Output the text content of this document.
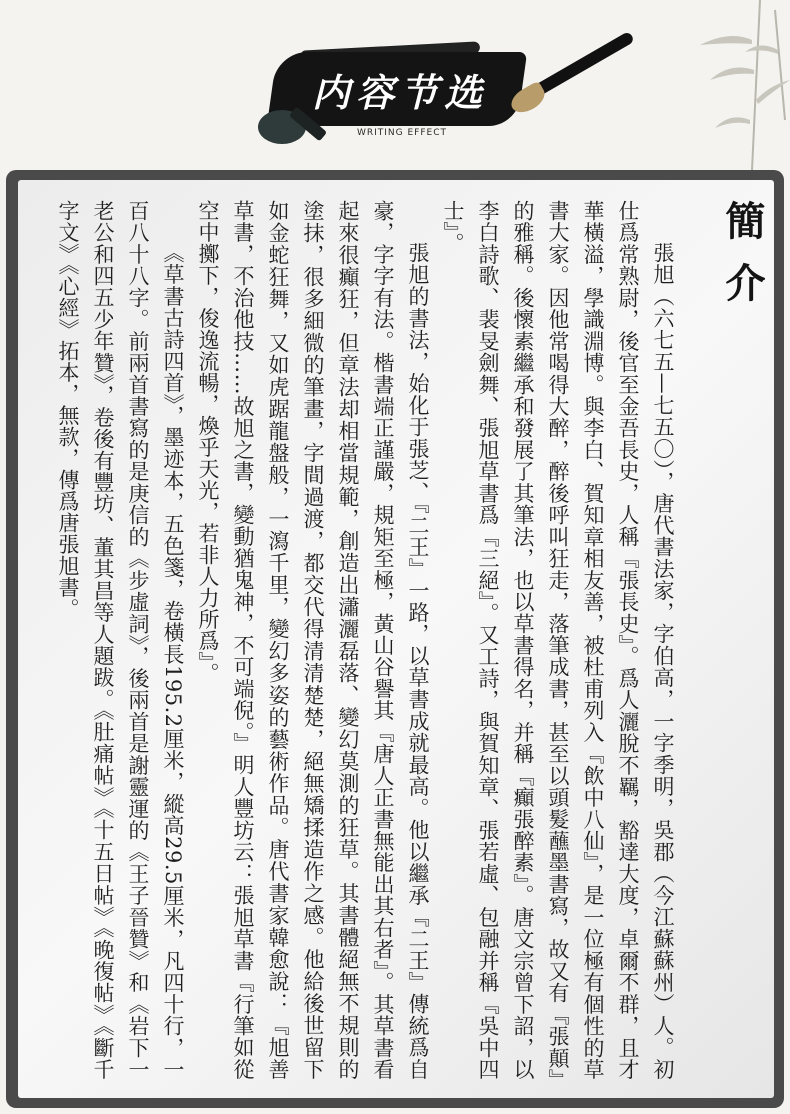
内容节选
WRITING EFFECT
簡介

張旭（六七五—七五〇），唐代書法家，字伯高，一字季明，吳郡（今江蘇蘇州）人。初仕爲常熟尉，後官至金吾長史，人稱『張長史』。爲人灑脫不羈，豁達大度，卓爾不群，且才華橫溢，學識淵博。與李白、賀知章相友善，被杜甫列入『飲中八仙』，是一位極有個性的草書大家。因他常喝得大醉，醉後呼叫狂走，落筆成書，甚至以頭髮蘸墨書寫，故又有『張顛』的雅稱。後懷素繼承和發展了其筆法，也以草書得名，并稱『癲張醉素』。唐文宗曾下詔，以李白詩歌、裴旻劍舞、張旭草書爲『三絕』。又工詩，與賀知章、張若虛、包融并稱『吳中四士』。

張旭的書法，始化于張芝、『二王』一路，以草書成就最高。他以繼承『二王』傳統爲自豪，字字有法。楷書端正謹嚴，規矩至極，黃山谷譽其『唐人正書無能出其右者』。其草書看起來很癲狂，但章法却相當規範，創造出瀟灑磊落、變幻莫測的狂草。其書體絕無不規則的塗抹，很多細微的筆畫，字間過渡，都交代得清清楚楚，絕無矯揉造作之感。他給後世留下如金蛇狂舞，又如虎踞龍盤般，一瀉千里，變幻多姿的藝術作品。唐代書家韓愈說：『旭善草書，不治他技……故旭之書，變動猶鬼神，不可端倪。』明人豐坊云：張旭草書『行筆如從空中擲下，俊逸流暢，煥乎天光，若非人力所爲』。

《草書古詩四首》，墨迹本，五色箋，卷橫長195.2厘米，縱高29.5厘米，凡四十行，一百八十八字。前兩首書寫的是庚信的《步虛詞》，後兩首是謝靈運的《王子晉贊》和《岩下一老公和四五少年贊》，卷後有豐坊、董其昌等人題跋。《肚痛帖》《十五日帖》《晚復帖》《斷千字文》《心經》拓本，無款，傳爲唐張旭書。
